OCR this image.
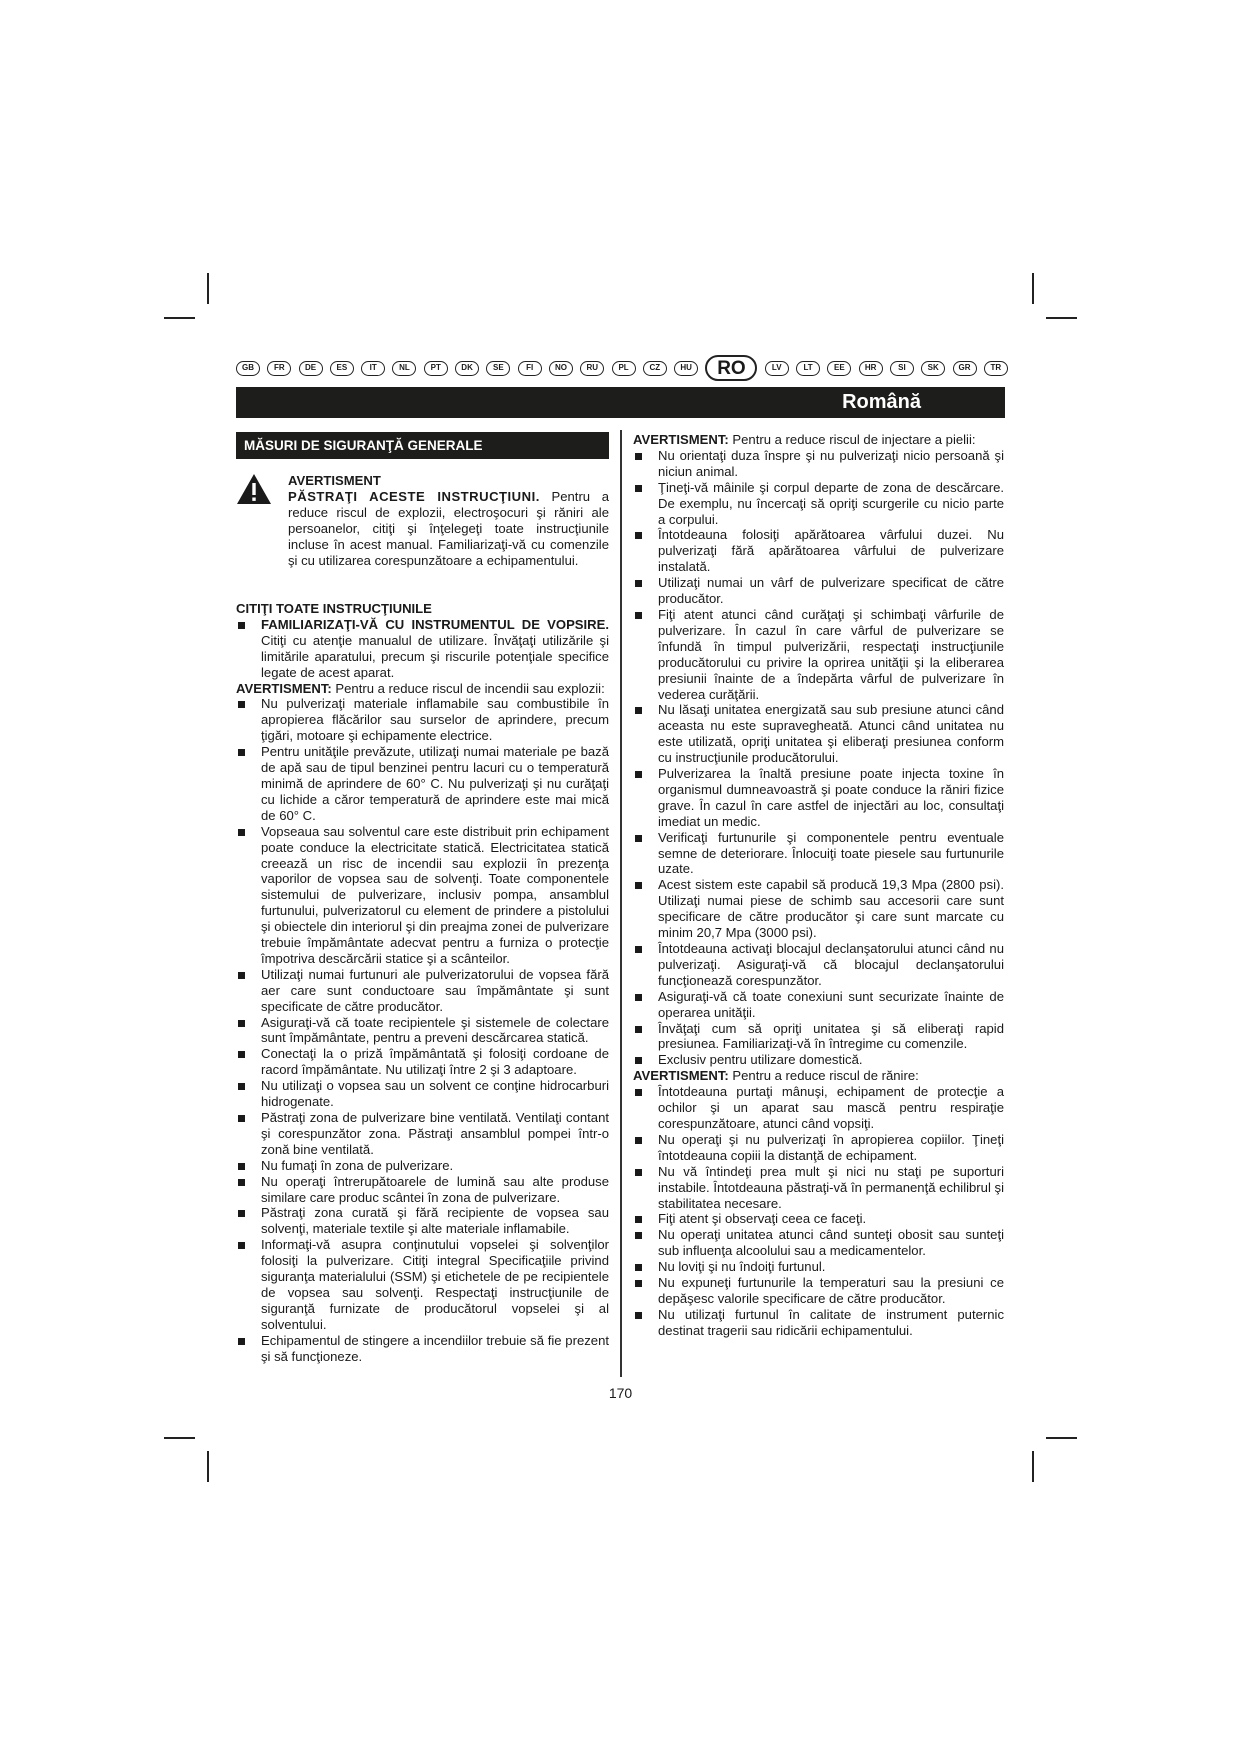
GB	FR	DE	ES	IT	NL	PT	DK	SE	FI	NO	RU	PL	CZ	HU	RO	LV	LT	EE	HR	SI	SK	GR	TR
Română
MĂSURI DE SIGURANŢĂ GENERALE
AVERTISMENT

PĂSTRAŢI ACESTE INSTRUCŢIUNI. Pentru a reduce riscul de explozii, electroşocuri şi răniri ale persoanelor, citiţi şi înţelegeţi toate instrucţiunile incluse în acest manual. Familiarizaţi-vă cu comenzile şi cu utilizarea corespunzătoare a echipamentului.

CITIŢI TOATE INSTRUCŢIUNILE
FAMILIARIZAŢI-VĂ CU INSTRUMENTUL DE VOPSIRE. Citiţi cu atenţie manualul de utilizare. Învăţaţi utilizările şi limitările aparatului, precum şi riscurile potenţiale specifice legate de acest aparat.

AVERTISMENT: Pentru a reduce riscul de incendii sau explozii:

Nu pulverizaţi materiale inflamabile sau combustibile în apropierea flăcărilor sau surselor de aprindere, precum ţigări, motoare şi echipamente electrice.
Pentru unităţile prevăzute, utilizaţi numai materiale pe bază de apă sau de tipul benzinei pentru lacuri cu o temperatură minimă de aprindere de 60° C. Nu pulverizaţi şi nu curăţaţi cu lichide a căror temperatură de aprindere este mai mică de 60° C.
Vopseaua sau solventul care este distribuit prin echipament poate conduce la electricitate statică. Electricitatea statică creează un risc de incendii sau explozii în prezenţa vaporilor de vopsea sau de solvenţi. Toate componentele sistemului de pulverizare, inclusiv pompa, ansamblul furtunului, pulverizatorul cu element de prindere a pistolului şi obiectele din interiorul şi din preajma zonei de pulverizare trebuie împământate adecvat pentru a furniza o protecţie împotriva descărcării statice şi a scânteilor.
Utilizaţi numai furtunuri ale pulverizatorului de vopsea fără aer care sunt conductoare sau împământate şi sunt specificate de către producător.
Asiguraţi-vă că toate recipientele şi sistemele de colectare sunt împământate, pentru a preveni descărcarea statică.
Conectaţi la o priză împământată şi folosiţi cordoane de racord împământate. Nu utilizaţi între 2 şi 3 adaptoare.
Nu utilizaţi o vopsea sau un solvent ce conţine hidrocarburi hidrogenate.
Păstraţi zona de pulverizare bine ventilată. Ventilaţi contant şi corespunzător zona. Păstraţi ansamblul pompei într-o zonă bine ventilată.
Nu fumaţi în zona de pulverizare.
Nu operaţi întrerupătoarele de lumină sau alte produse similare care produc scântei în zona de pulverizare.
Păstraţi zona curată şi fără recipiente de vopsea sau solvenţi, materiale textile şi alte materiale inflamabile.
Informaţi-vă asupra conţinutului vopselei şi solvenţilor folosiţi la pulverizare. Citiţi integral Specificaţiile privind siguranţa materialului (SSM) şi etichetele de pe recipientele de vopsea sau solvenţi. Respectaţi instrucţiunile de siguranţă furnizate de producătorul vopselei şi al solventului.
Echipamentul de stingere a incendiilor trebuie să fie prezent şi să funcţioneze.

AVERTISMENT: Pentru a reduce riscul de injectare a pielii:

Nu orientaţi duza înspre şi nu pulverizaţi nicio persoană şi niciun animal.
Ţineţi-vă mâinile şi corpul departe de zona de descărcare. De exemplu, nu încercaţi să opriţi scurgerile cu nicio parte a corpului.
Întotdeauna folosiţi apărătoarea vârfului duzei. Nu pulverizaţi fără apărătoarea vârfului de pulverizare instalată.
Utilizaţi numai un vârf de pulverizare specificat de către producător.
Fiţi atent atunci când curăţaţi şi schimbaţi vârfurile de pulverizare. În cazul în care vârful de pulverizare se înfundă în timpul pulverizării, respectaţi instrucţiunile producătorului cu privire la oprirea unităţii şi la eliberarea presiunii înainte de a îndepărta vârful de pulverizare în vederea curăţării.
Nu lăsaţi unitatea energizată sau sub presiune atunci când aceasta nu este supravegheată. Atunci când unitatea nu este utilizată, opriţi unitatea şi eliberaţi presiunea conform cu instrucţiunile producătorului.
Pulverizarea la înaltă presiune poate injecta toxine în organismul dumneavoastră şi poate conduce la răniri fizice grave. În cazul în care astfel de injectări au loc, consultaţi imediat un medic.
Verificaţi furtunurile şi componentele pentru eventuale semne de deteriorare. Înlocuiţi toate piesele sau furtunurile uzate.
Acest sistem este capabil să producă 19,3 Mpa (2800 psi). Utilizaţi numai piese de schimb sau accesorii care sunt specificare de către producător şi care sunt marcate cu minim 20,7 Mpa (3000 psi).
Întotdeauna activaţi blocajul declanşatorului atunci când nu pulverizaţi. Asiguraţi-vă că blocajul declanşatorului funcţionează corespunzător.
Asiguraţi-vă că toate conexiuni sunt securizate înainte de operarea unităţii.
Învăţaţi cum să opriţi unitatea şi să eliberaţi rapid presiunea. Familiarizaţi-vă în întregime cu comenzile.
Exclusiv pentru utilizare domestică.

AVERTISMENT: Pentru a reduce riscul de rănire:

Întotdeauna purtaţi mânuşi, echipament de protecţie a ochilor şi un aparat sau mască pentru respiraţie corespunzătoare, atunci când vopsiţi.
Nu operaţi şi nu pulverizaţi în apropierea copiilor. Ţineţi întotdeauna copiii la distanţă de echipament.
Nu vă întindeţi prea mult şi nici nu staţi pe suporturi instabile. Întotdeauna păstraţi-vă în permanenţă echilibrul şi stabilitatea necesare.
Fiţi atent şi observaţi ceea ce faceţi.
Nu operaţi unitatea atunci când sunteţi obosit sau sunteţi sub influenţa alcoolului sau a medicamentelor.
Nu loviţi şi nu îndoiţi furtunul.
Nu expuneţi furtunurile la temperaturi sau la presiuni ce depăşesc valorile specificare de către producător.
Nu utilizaţi furtunul în calitate de instrument puternic destinat tragerii sau ridicării echipamentului.
170
